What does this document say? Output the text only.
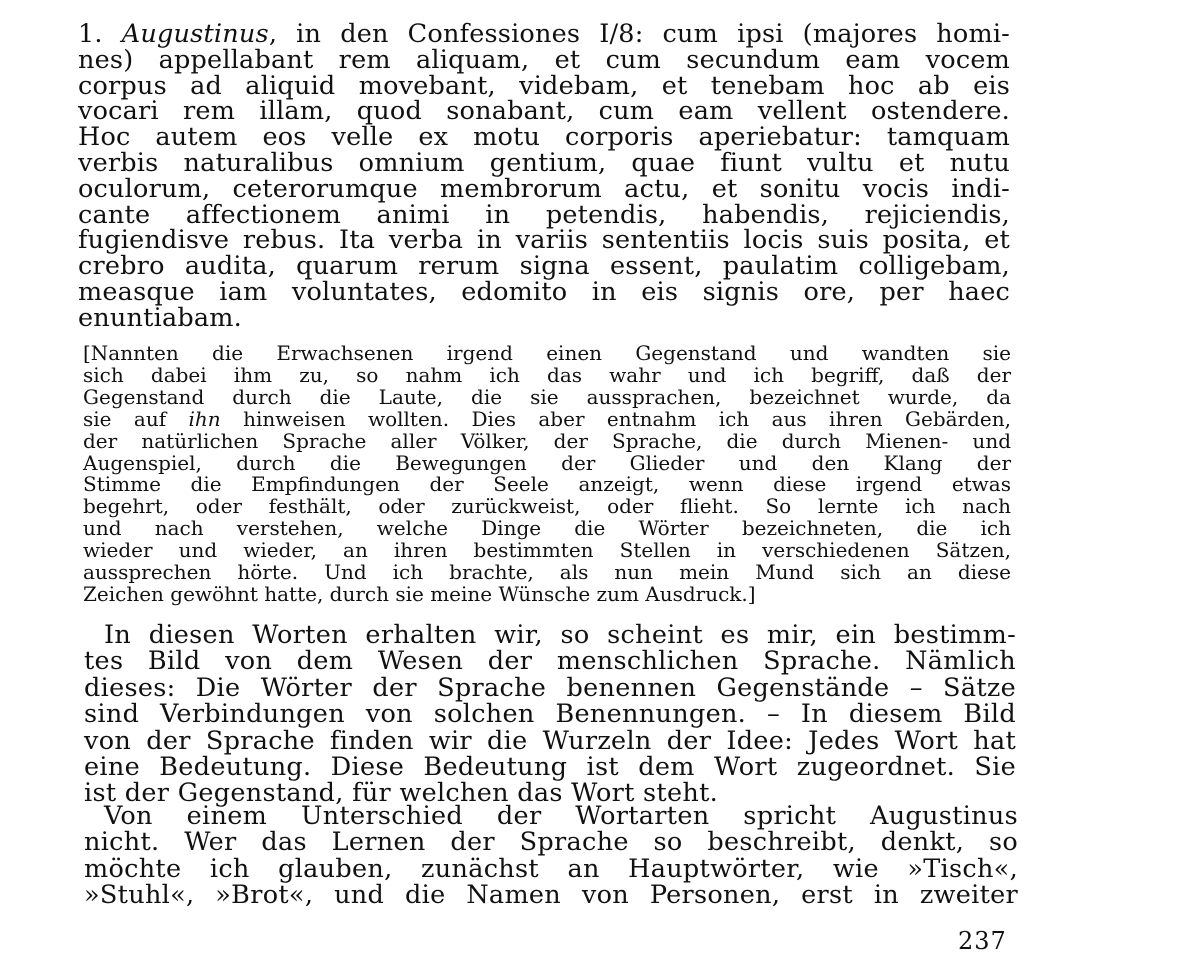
1. Augustinus, in den Confessiones I/8: cum ipsi (majores homi-
nes) appellabant rem aliquam, et cum secundum eam vocem
corpus ad aliquid movebant, videbam, et tenebam hoc ab eis
vocari rem illam, quod sonabant, cum eam vellent ostendere.
Hoc autem eos velle ex motu corporis aperiebatur: tamquam
verbis naturalibus omnium gentium, quae fiunt vultu et nutu
oculorum, ceterorumque membrorum actu, et sonitu vocis indi-
cante affectionem animi in petendis, habendis, rejiciendis,
fugiendisve rebus. Ita verba in variis sententiis locis suis posita, et
crebro audita, quarum rerum signa essent, paulatim colligebam,
measque iam voluntates, edomito in eis signis ore, per haec
enuntiabam.
[Nannten die Erwachsenen irgend einen Gegenstand und wandten sie
sich dabei ihm zu, so nahm ich das wahr und ich begriff, daß der
Gegenstand durch die Laute, die sie aussprachen, bezeichnet wurde, da
sie auf ihn hinweisen wollten. Dies aber entnahm ich aus ihren Gebärden,
der natürlichen Sprache aller Völker, der Sprache, die durch Mienen- und
Augenspiel, durch die Bewegungen der Glieder und den Klang der
Stimme die Empfindungen der Seele anzeigt, wenn diese irgend etwas
begehrt, oder festhält, oder zurückweist, oder flieht. So lernte ich nach
und nach verstehen, welche Dinge die Wörter bezeichneten, die ich
wieder und wieder, an ihren bestimmten Stellen in verschiedenen Sätzen,
aussprechen hörte. Und ich brachte, als nun mein Mund sich an diese
Zeichen gewöhnt hatte, durch sie meine Wünsche zum Ausdruck.]
In diesen Worten erhalten wir, so scheint es mir, ein bestimm-
tes Bild von dem Wesen der menschlichen Sprache. Nämlich
dieses: Die Wörter der Sprache benennen Gegenstände – Sätze
sind Verbindungen von solchen Benennungen. – In diesem Bild
von der Sprache finden wir die Wurzeln der Idee: Jedes Wort hat
eine Bedeutung. Diese Bedeutung ist dem Wort zugeordnet. Sie
ist der Gegenstand, für welchen das Wort steht.
Von einem Unterschied der Wortarten spricht Augustinus
nicht. Wer das Lernen der Sprache so beschreibt, denkt, so
möchte ich glauben, zunächst an Hauptwörter, wie »Tisch«,
»Stuhl«, »Brot«, und die Namen von Personen, erst in zweiter
237
